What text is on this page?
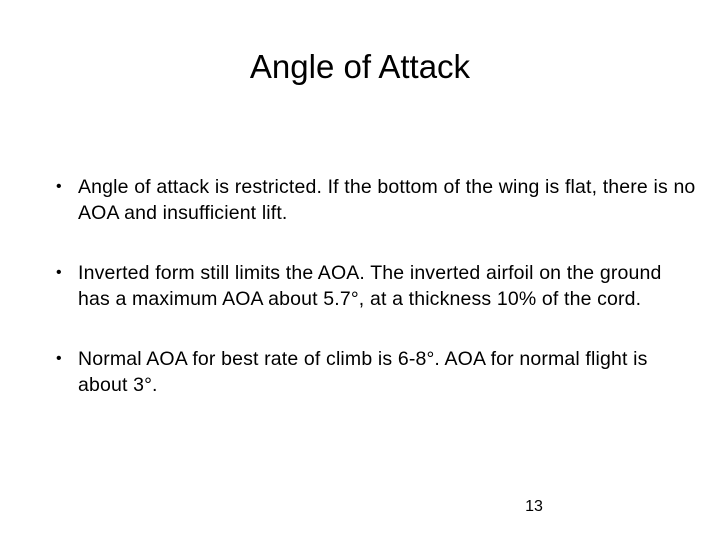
Angle of Attack
• Angle of attack is restricted. If the bottom of the wing is flat, there is no AOA and insufficient lift.
• Inverted form still limits the AOA. The inverted airfoil on the ground has a maximum AOA about 5.7°, at a thickness 10% of the cord.
• Normal AOA for best rate of climb is 6-8°. AOA for normal flight is about 3°.
13
